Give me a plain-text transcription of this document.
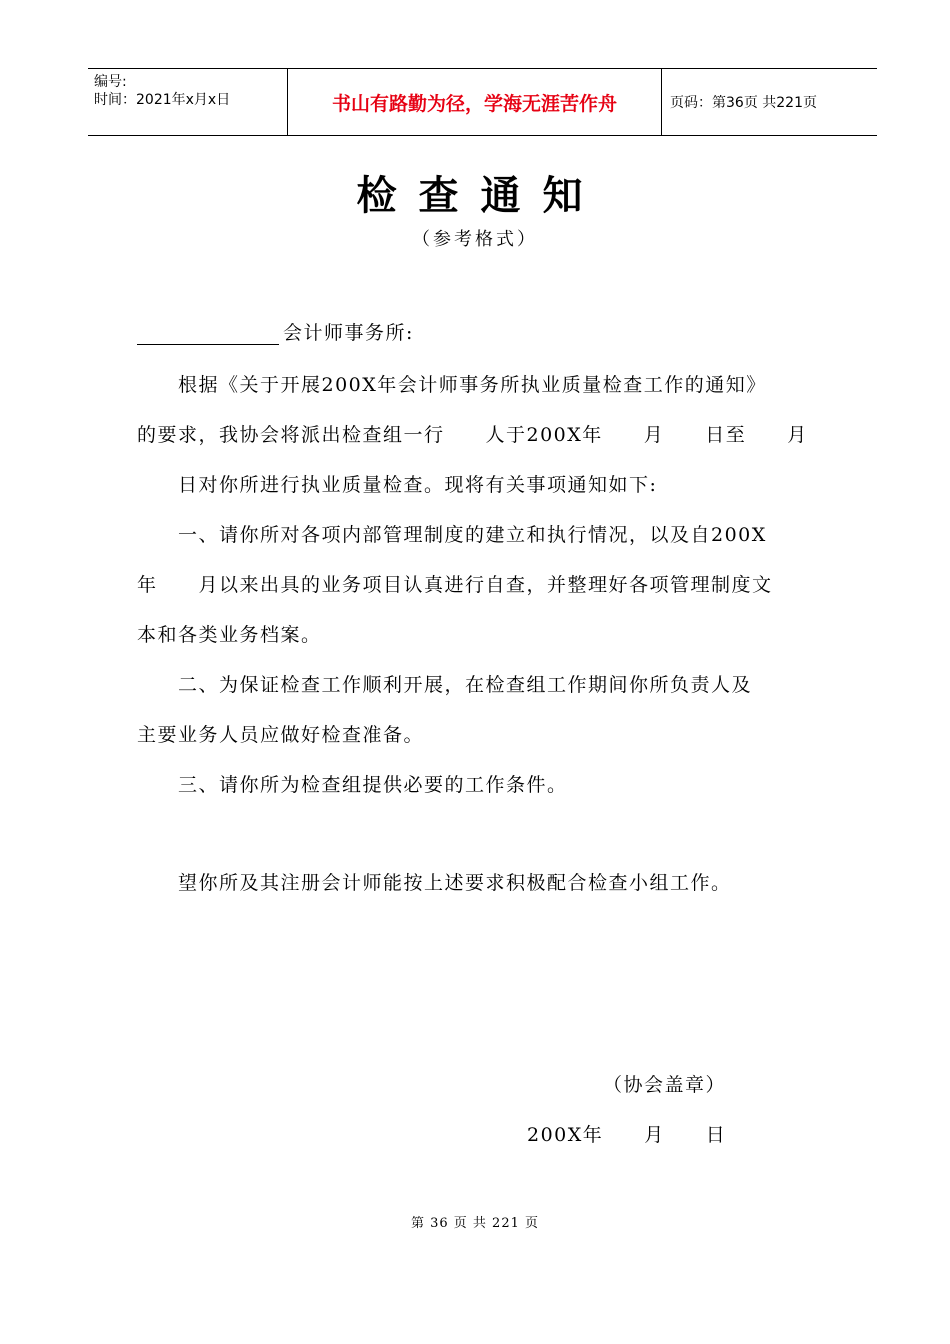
编号:
时间：2021年x月x日	书山有路勤为径，学海无涯苦作舟	页码：第36页 共221页
检查通知
（参考格式）
会计师事务所:
　　根据《关于开展200X年会计师事务所执业质量检查工作的通知》
的要求，我协会将派出检查组一行　　人于200X年　　月　　日至　　月
　　日对你所进行执业质量检查。现将有关事项通知如下:
　　一、请你所对各项内部管理制度的建立和执行情况，以及自200X
年　　月以来出具的业务项目认真进行自查，并整理好各项管理制度文
本和各类业务档案。
　　二、为保证检查工作顺利开展，在检查组工作期间你所负责人及
主要业务人员应做好检查准备。
　　三、请你所为检查组提供必要的工作条件。
　　望你所及其注册会计师能按上述要求积极配合检查小组工作。
（协会盖章）
200X年　　月　　日
第 36 页 共 221 页
